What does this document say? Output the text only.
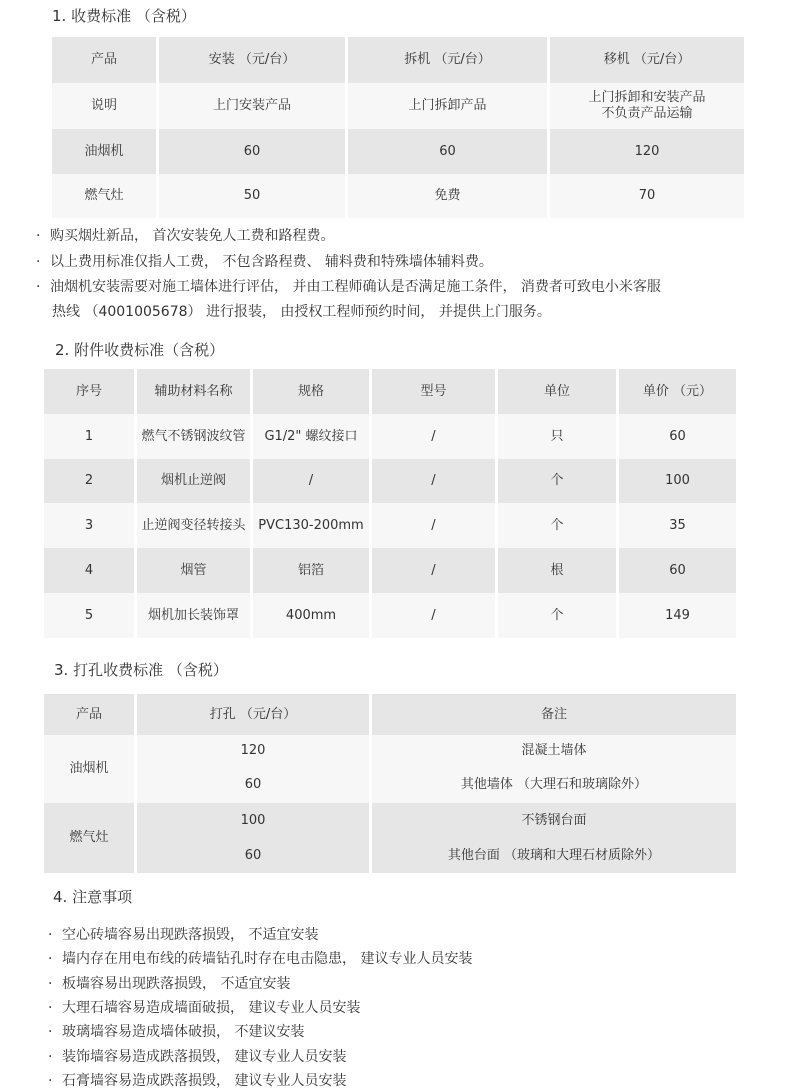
1. 收费标准 （含税）
产品	安装 （元/台）	拆机 （元/台）	移机 （元/台）
说明	上门安装产品	上门拆卸产品	上门拆卸和安装产品
不负责产品运输

油烟机	60	60	120
燃气灶	50	免费	70
· 购买烟灶新品， 首次安装免人工费和路程费。
· 以上费用标准仅指人工费， 不包含路程费、 辅料费和特殊墙体辅料费。
· 油烟机安装需要对施工墙体进行评估， 并由工程师确认是否满足施工条件， 消费者可致电小米客服
热线 （4001005678） 进行报装， 由授权工程师预约时间， 并提供上门服务。
2. 附件收费标准（含税）
序号	辅助材料名称	规格	型号	单位	单价 （元）
1	燃气不锈钢波纹管	G1/2" 螺纹接口	/	只	60
2	烟机止逆阀	/	/	个	100
3	止逆阀变径转接头	PVC130-200mm	/	个	35
4	烟管	铝箔	/	根	60
5	烟机加长装饰罩	400mm	/	个	149
3. 打孔收费标准 （含税）
产品	打孔 （元/台）	备注
油烟机	120	混凝土墙体
	60	其他墙体 （大理石和玻璃除外）
燃气灶	100	不锈钢台面
	60	其他台面 （玻璃和大理石材质除外）
4. 注意事项
· 空心砖墙容易出现跌落损毁， 不适宜安装
· 墙内存在用电布线的砖墙钻孔时存在电击隐患， 建议专业人员安装
· 板墙容易出现跌落损毁， 不适宜安装
· 大理石墙容易造成墙面破损， 建议专业人员安装
· 玻璃墙容易造成墙体破损， 不建议安装
· 装饰墙容易造成跌落损毁， 建议专业人员安装
· 石膏墙容易造成跌落损毁， 建议专业人员安装
